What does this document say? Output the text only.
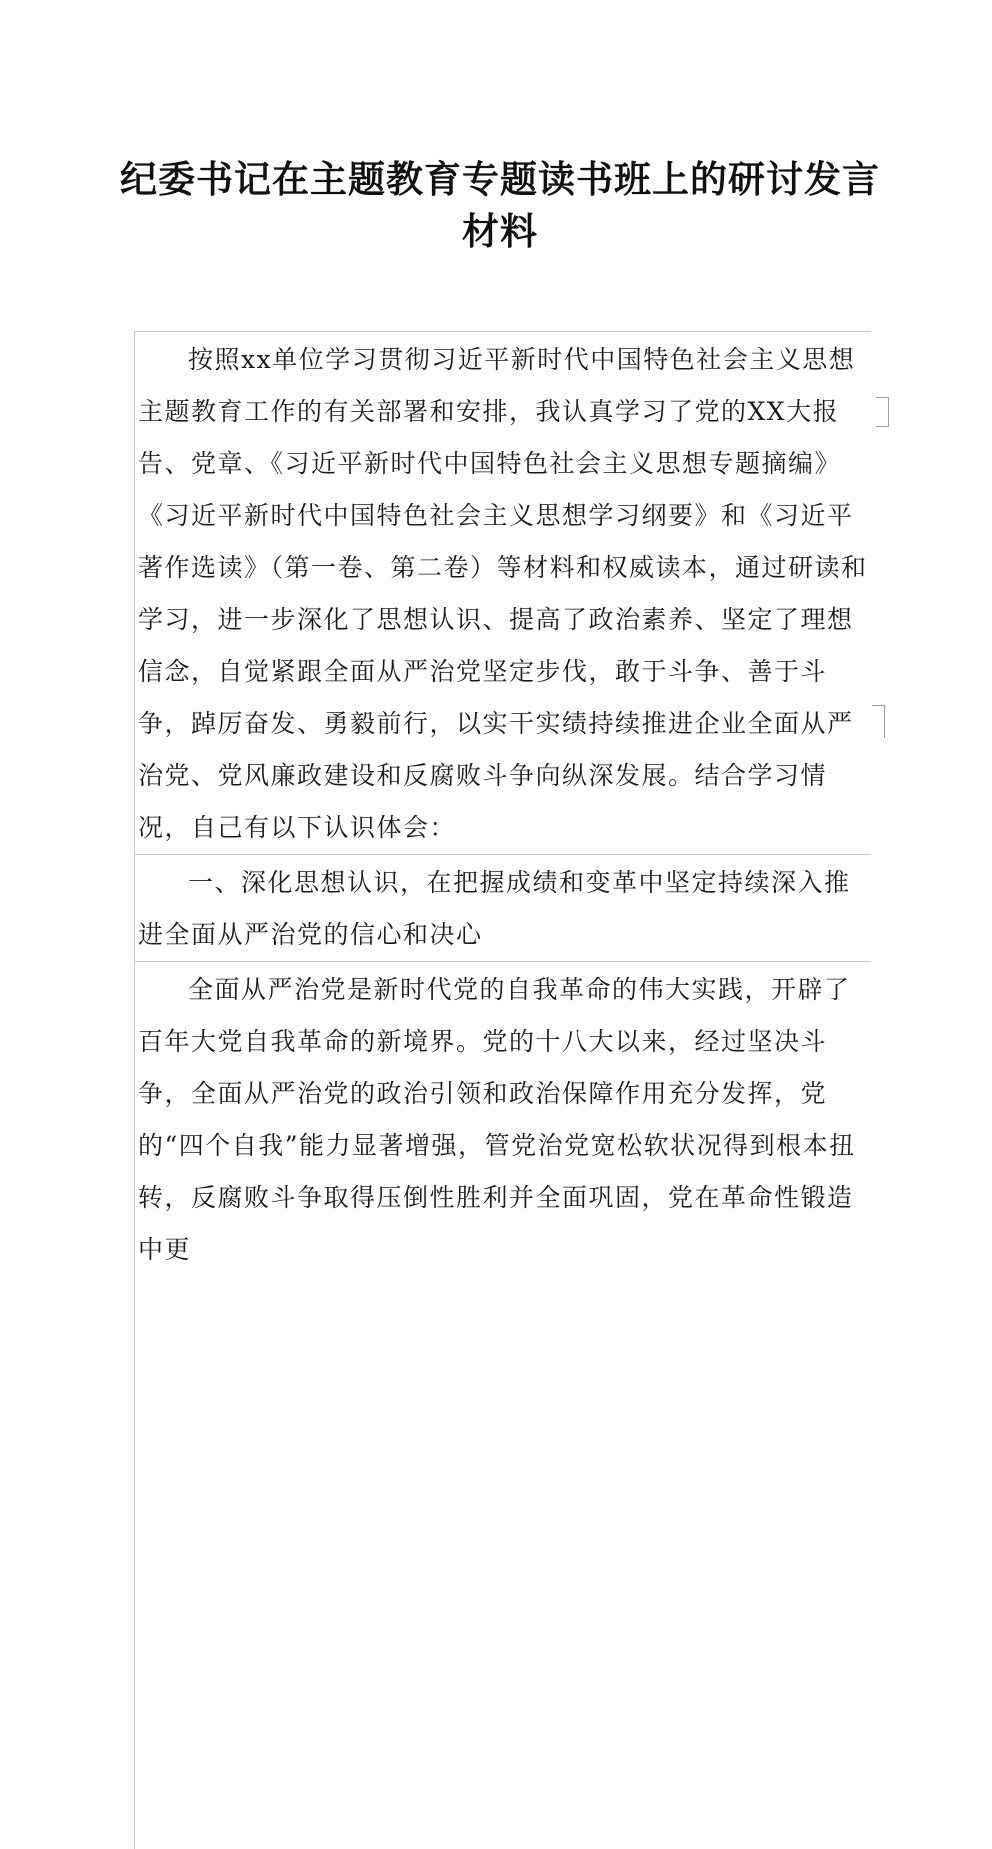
纪委书记在主题教育专题读书班上的研讨发言
材料

按照xx单位学习贯彻习近平新时代中国特色社会主义思想主题教育工作的有关部署和安排，我认真学习了党的XX大报告、党章、《习近平新时代中国特色社会主义思想专题摘编》《习近平新时代中国特色社会主义思想学习纲要》和《习近平著作选读》（第一卷、第二卷）等材料和权威读本，通过研读和学习，进一步深化了思想认识、提高了政治素养、坚定了理想信念，自觉紧跟全面从严治党坚定步伐，敢于斗争、善于斗争，踔厉奋发、勇毅前行，以实干实绩持续推进企业全面从严治党、党风廉政建设和反腐败斗争向纵深发展。结合学习情况，自己有以下认识体会：

一、深化思想认识，在把握成绩和变革中坚定持续深入推进全面从严治党的信心和决心

全面从严治党是新时代党的自我革命的伟大实践，开辟了百年大党自我革命的新境界。党的十八大以来，经过坚决斗争，全面从严治党的政治引领和政治保障作用充分发挥，党的“四个自我”能力显著增强，管党治党宽松软状况得到根本扭转，反腐败斗争取得压倒性胜利并全面巩固，党在革命性锻造中更
